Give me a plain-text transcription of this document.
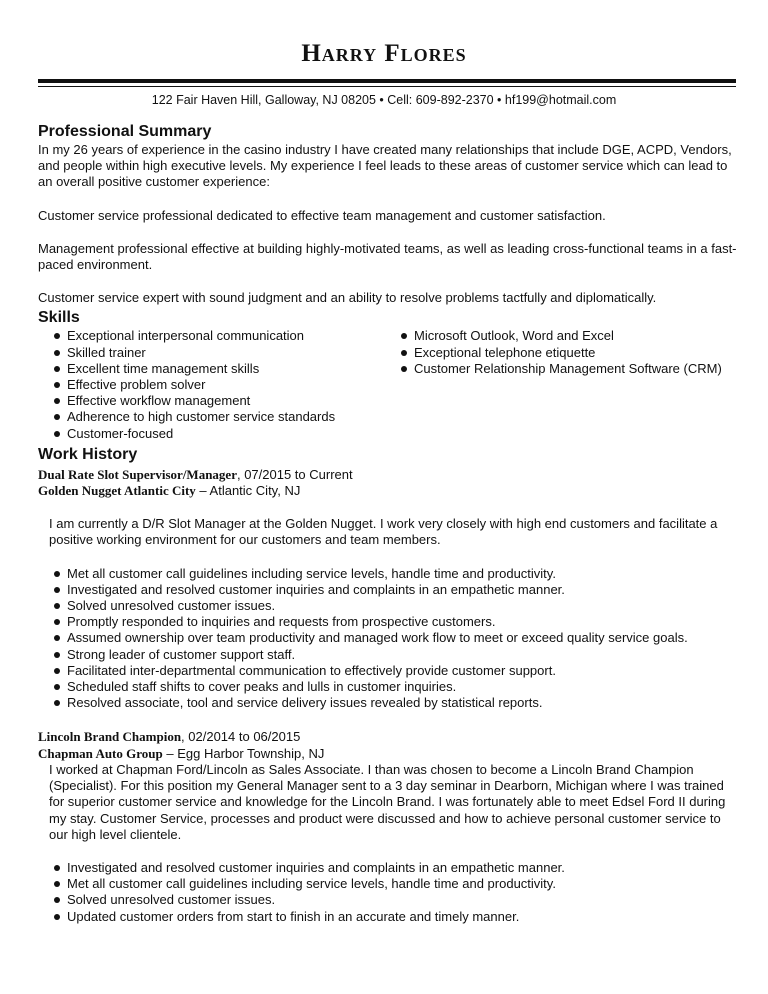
Harry Flores
122 Fair Haven Hill, Galloway, NJ 08205 • Cell: 609-892-2370 • hf199@hotmail.com
Professional Summary

In my 26 years of experience in the casino industry I have created many relationships that include DGE, ACPD, Vendors, and people within high executive levels. My experience I feel leads to these areas of customer service which can lead to an overall positive customer experience:

Customer service professional dedicated to effective team management and customer satisfaction.

Management professional effective at building highly-motivated teams, as well as leading cross-functional teams in a fast-paced environment.

Customer service expert with sound judgment and an ability to resolve problems tactfully and diplomatically.

Skills
Exceptional interpersonal communication
Skilled trainer
Excellent time management skills
Effective problem solver
Effective workflow management
Adherence to high customer service standards
Customer-focused
Microsoft Outlook, Word and Excel
Exceptional telephone etiquette
Customer Relationship Management Software (CRM)
Work History
Dual Rate Slot Supervisor/Manager, 07/2015 to Current
Golden Nugget Atlantic City – Atlantic City, NJ
I am currently a D/R Slot Manager at the Golden Nugget. I work very closely with high end customers and facilitate a positive working environment for our customers and team members.
Met all customer call guidelines including service levels, handle time and productivity.
Investigated and resolved customer inquiries and complaints in an empathetic manner.
Solved unresolved customer issues.
Promptly responded to inquiries and requests from prospective customers.
Assumed ownership over team productivity and managed work flow to meet or exceed quality service goals.
Strong leader of customer support staff.
Facilitated inter-departmental communication to effectively provide customer support.
Scheduled staff shifts to cover peaks and lulls in customer inquiries.
Resolved associate, tool and service delivery issues revealed by statistical reports.
Lincoln Brand Champion, 02/2014 to 06/2015
Chapman Auto Group – Egg Harbor Township, NJ
I worked at Chapman Ford/Lincoln as Sales Associate. I than was chosen to become a Lincoln Brand Champion (Specialist). For this position my General Manager sent to a 3 day seminar in Dearborn, Michigan where I was trained for superior customer service and knowledge for the Lincoln Brand. I was fortunately able to meet Edsel Ford II during my stay. Customer Service, processes and product were discussed and how to achieve personal customer service to our high level clientele.
Investigated and resolved customer inquiries and complaints in an empathetic manner.
Met all customer call guidelines including service levels, handle time and productivity.
Solved unresolved customer issues.
Updated customer orders from start to finish in an accurate and timely manner.
